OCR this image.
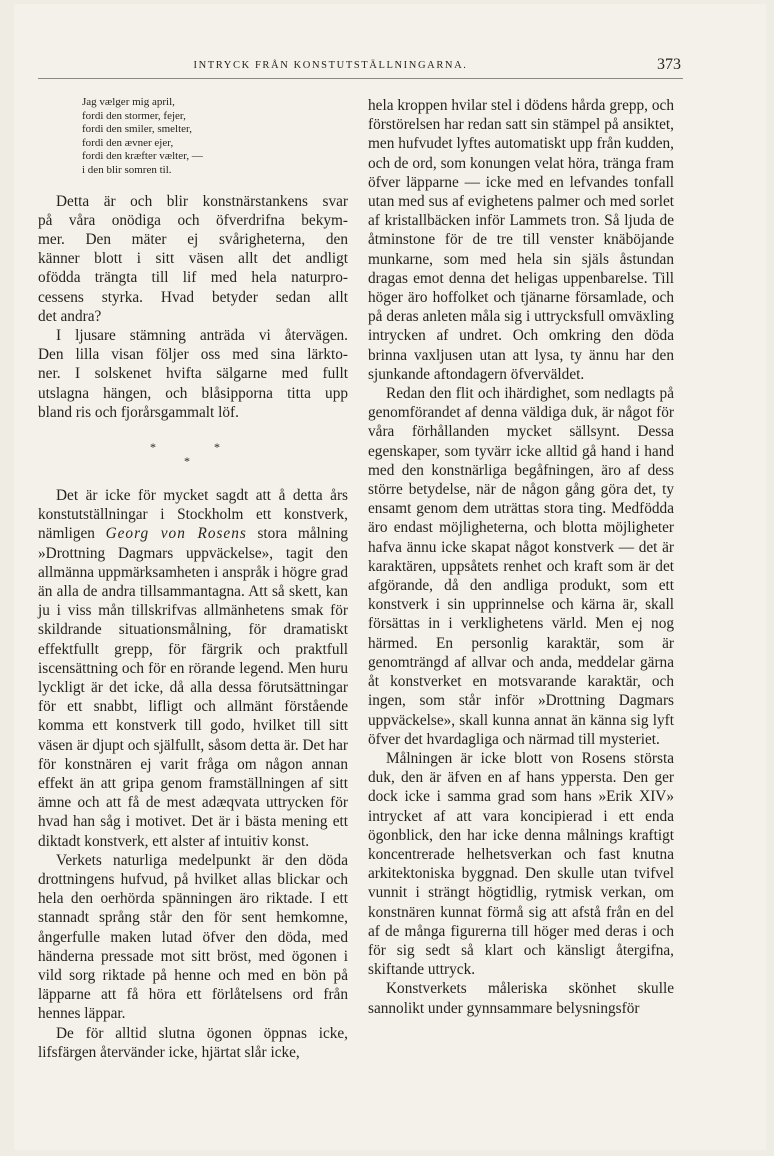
INTRYCK FRÅN KONSTUTSTÄLLNINGARNA.	373
Jag vælger mig april,
fordi den stormer, fejer,
fordi den smiler, smelter,
fordi den ævner ejer,
fordi den kræfter vælter, —
i den blir somren til.
Detta är och blir konstnärstankens svar
på våra onödiga och öfverdrifna bekym-
mer. Den mäter ej svårigheterna, den
känner blott i sitt väsen allt det andligt
ofödda trängta till lif med hela naturpro-
cessens styrka. Hvad betyder sedan allt
det andra?
I ljusare stämning anträda vi återvägen.
Den lilla visan följer oss med sina lärkto-
ner. I solskenet hvifta sälgarne med fullt
utslagna hängen, och blåsipporna titta upp
bland ris och fjorårsgammalt löf.
*	*
*

Det är icke för mycket sagdt att å detta års konstutställningar i Stockholm ett konstverk, nämligen Georg von Rosens stora målning »Drottning Dagmars uppväckelse», tagit den allmänna uppmärksamheten i anspråk i högre grad än alla de andra tillsammantagna. Att så skett, kan ju i viss mån tillskrifvas allmänhetens smak för skildrande situationsmålning, för dramatiskt effektfullt grepp, för färgrik och praktfull iscensättning och för en rörande legend. Men huru lyckligt är det icke, då alla dessa förutsättningar för ett snabbt, lifligt och allmänt förstående komma ett konstverk till godo, hvilket till sitt väsen är djupt och själfullt, såsom detta är. Det har för konstnären ej varit fråga om någon annan effekt än att gripa genom framställningen af sitt ämne och att få de mest adæqvata uttrycken för hvad han såg i motivet. Det är i bästa mening ett diktadt konstverk, ett alster af intuitiv konst.

Verkets naturliga medelpunkt är den döda drottningens hufvud, på hvilket allas blickar och hela den oerhörda spänningen äro riktade. I ett stannadt språng står den för sent hemkomne, ångerfulle maken lutad öfver den döda, med händerna pressade mot sitt bröst, med ögonen i vild sorg riktade på henne och med en bön på läpparne att få höra ett förlåtelsens ord från hennes läppar.

De för alltid slutna ögonen öppnas icke, lifsfärgen återvänder icke, hjärtat slår icke,

hela kroppen hvilar stel i dödens hårda grepp, och förstörelsen har redan satt sin stämpel på ansiktet, men hufvudet lyftes automatiskt upp från kudden, och de ord, som konungen velat höra, tränga fram öfver läpparne — icke med en lefvandes tonfall utan med sus af evighetens palmer och med sorlet af kristallbäcken inför Lammets tron. Så ljuda de åtminstone för de tre till venster knäböjande munkarne, som med hela sin själs åstundan dragas emot denna det heligas uppenbarelse. Till höger äro hoffolket och tjänarne församlade, och på deras anleten måla sig i uttrycksfull omväxling intrycken af undret. Och omkring den döda brinna vaxljusen utan att lysa, ty ännu har den sjunkande aftondagern öfverväldet.

Redan den flit och ihärdighet, som nedlagts på genomförandet af denna väldiga duk, är något för våra förhållanden mycket sällsynt. Dessa egenskaper, som tyvärr icke alltid gå hand i hand med den konstnärliga begåfningen, äro af dess större betydelse, när de någon gång göra det, ty ensamt genom dem uträttas stora ting. Medfödda äro endast möjligheterna, och blotta möjligheter hafva ännu icke skapat något konstverk — det är karaktären, uppsåtets renhet och kraft som är det afgörande, då den andliga produkt, som ett konstverk i sin upprinnelse och kärna är, skall försättas in i verklighetens värld. Men ej nog härmed. En personlig karaktär, som är genomträngd af allvar och anda, meddelar gärna åt konstverket en motsvarande karaktär, och ingen, som står inför »Drottning Dagmars uppväckelse», skall kunna annat än känna sig lyft öfver det hvardagliga och närmad till mysteriet.

Målningen är icke blott von Rosens största duk, den är äfven en af hans yppersta. Den ger dock icke i samma grad som hans »Erik XIV» intrycket af att vara koncipierad i ett enda ögonblick, den har icke denna målnings kraftigt koncentrerade helhetsverkan och fast knutna arkitektoniska byggnad. Den skulle utan tvifvel vunnit i strängt högtidlig, rytmisk verkan, om konstnären kunnat förmå sig att afstå från en del af de många figurerna till höger med deras i och för sig sedt så klart och känsligt återgifna, skiftande uttryck.

Konstverkets måleriska skönhet skulle sannolikt under gynnsammare belysningsför
